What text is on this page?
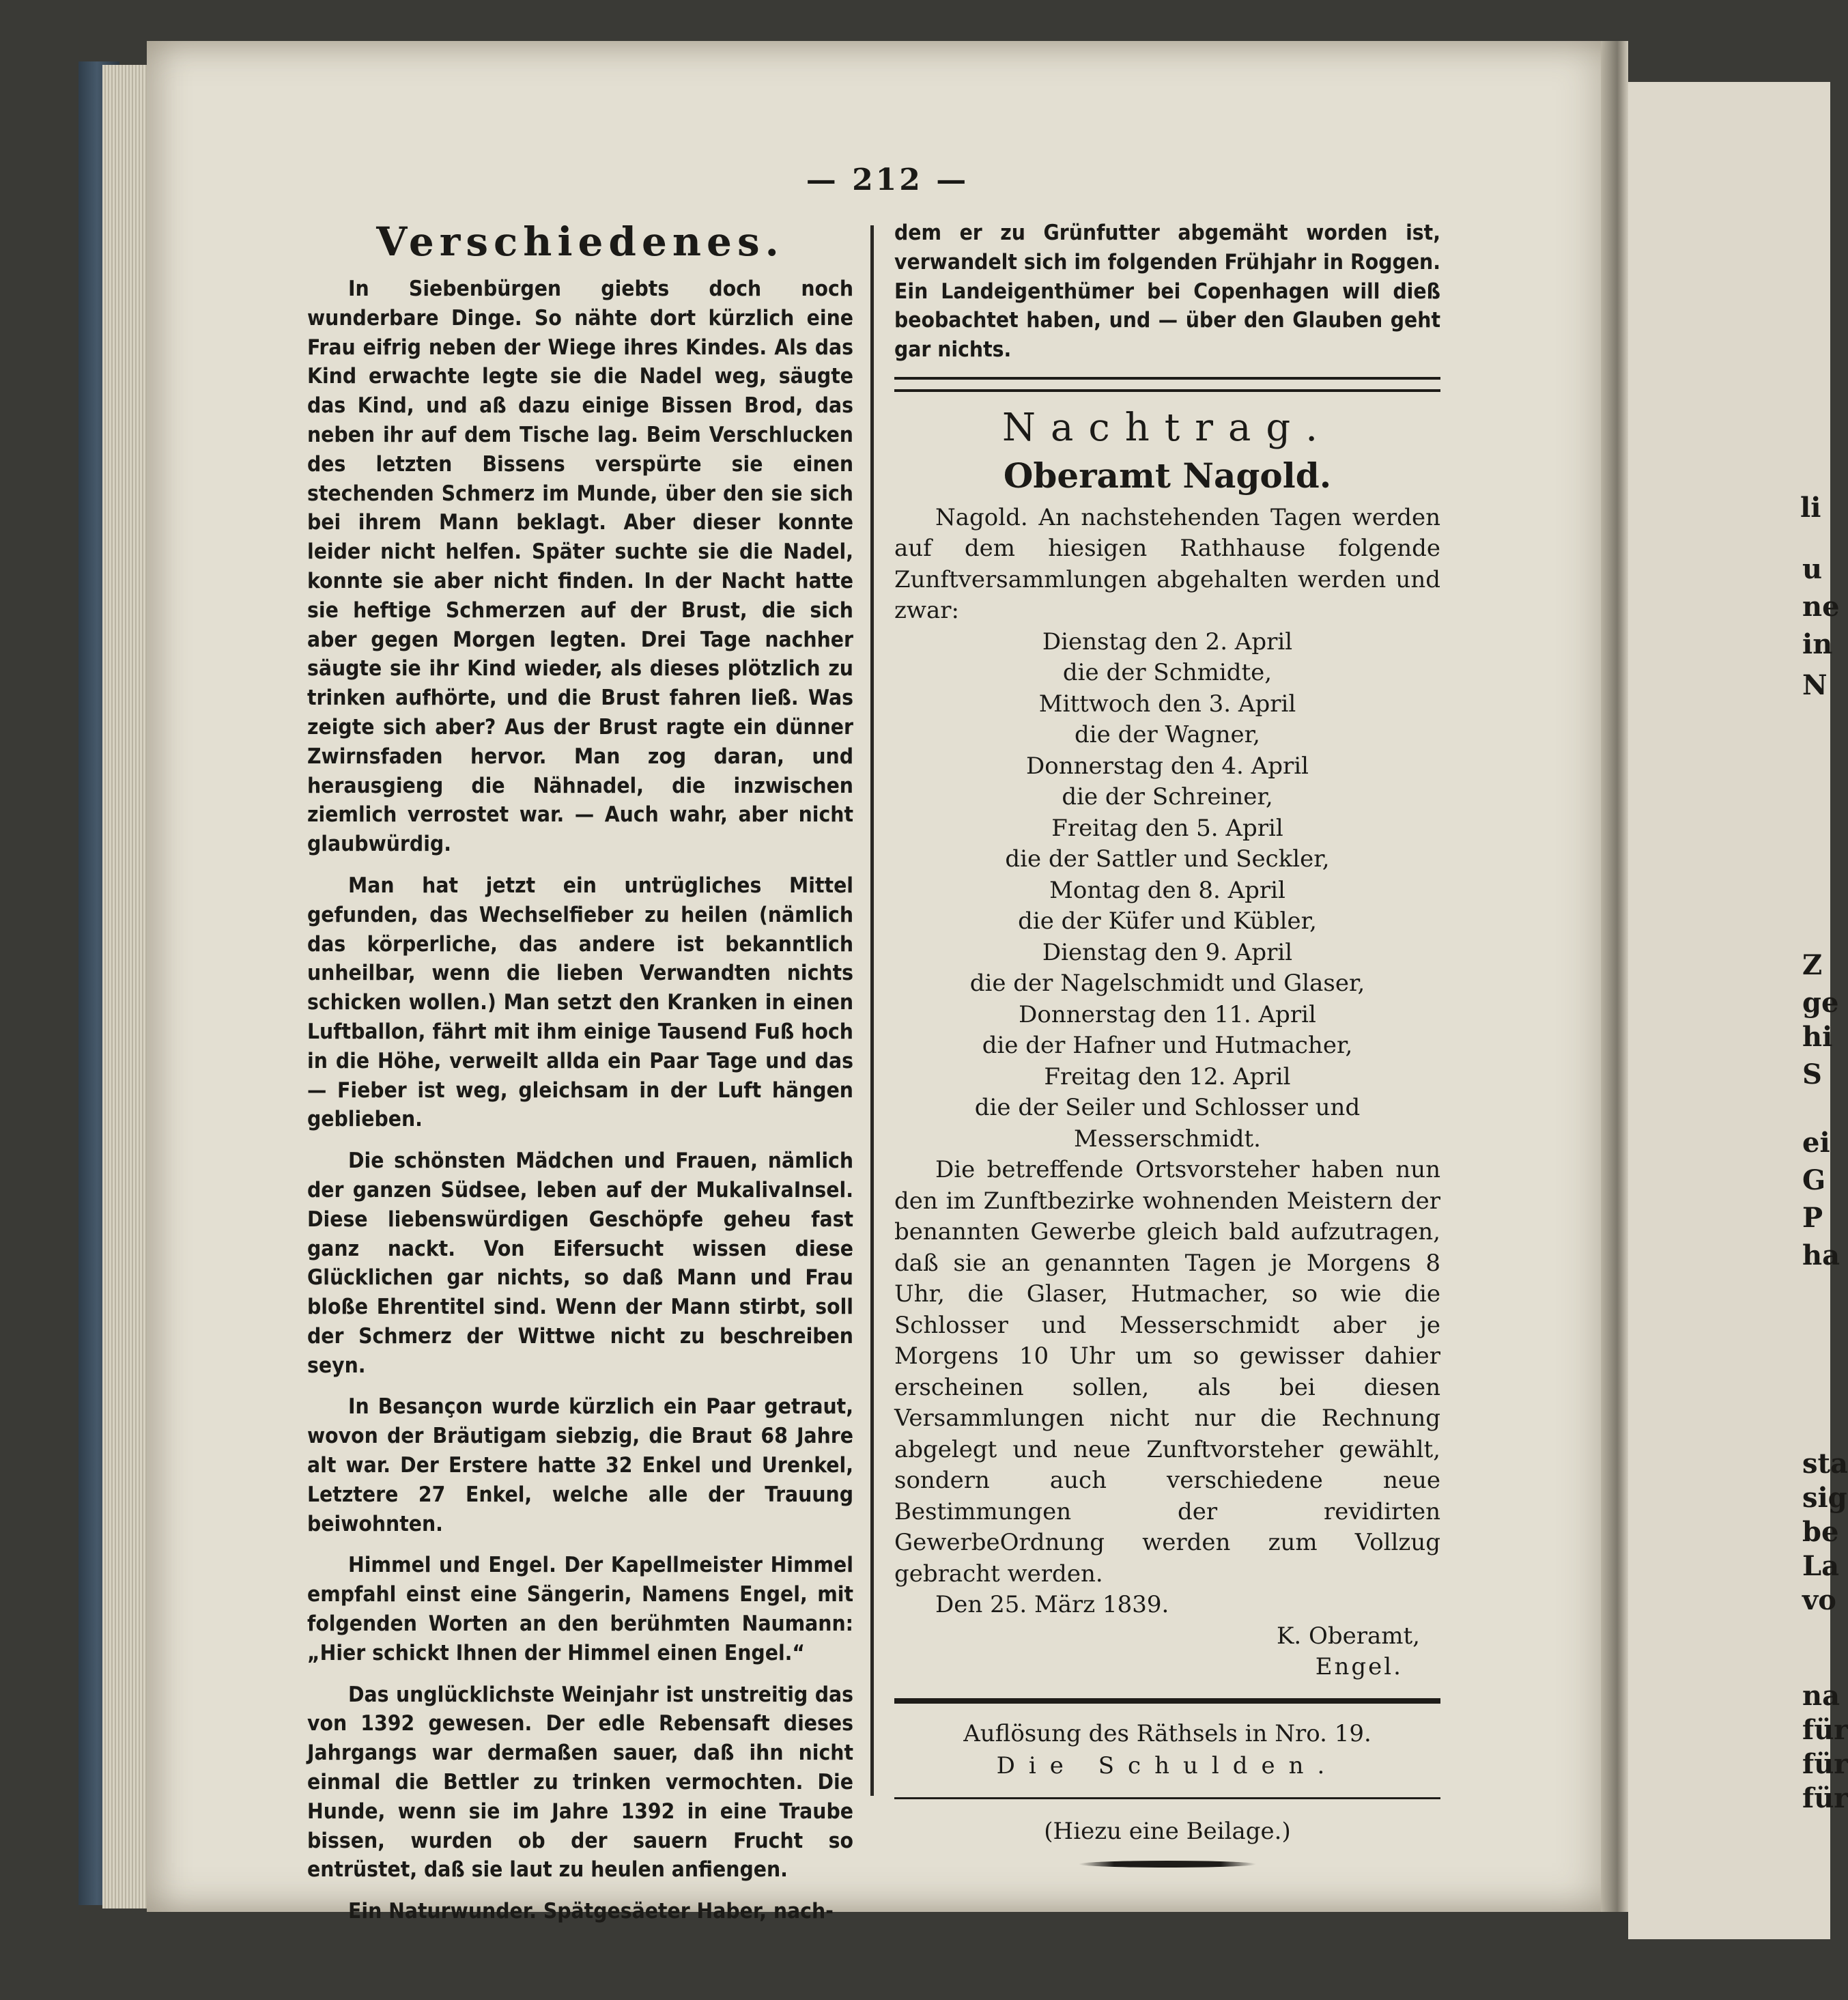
li
u
ne
in
N
Z
ge
hi
S
ei
G
P
ha
sta
sig
be
La
vo
na
für
für
für
— 212 —
Verschiedenes.

In Siebenbürgen giebts doch noch wunderbare Dinge. So nähte dort kürzlich eine Frau eifrig neben der Wiege ihres Kindes. Als das Kind erwachte legte sie die Nadel weg, säugte das Kind, und aß dazu einige Bissen Brod, das neben ihr auf dem Tische lag. Beim Verschlucken des letzten Bissens verspürte sie einen stechenden Schmerz im Munde, über den sie sich bei ihrem Mann beklagt. Aber dieser konnte leider nicht helfen. Später suchte sie die Nadel, konnte sie aber nicht finden. In der Nacht hatte sie heftige Schmerzen auf der Brust, die sich aber gegen Morgen legten. Drei Tage nachher säugte sie ihr Kind wieder, als dieses plötzlich zu trinken aufhörte, und die Brust fahren ließ. Was zeigte sich aber? Aus der Brust ragte ein dünner Zwirnsfaden hervor. Man zog daran, und herausgieng die Nähnadel, die inzwischen ziemlich verrostet war. — Auch wahr, aber nicht glaubwürdig.

Man hat jetzt ein untrügliches Mittel gefunden, das Wechselfieber zu heilen (nämlich das körperliche, das andere ist bekanntlich unheilbar, wenn die lieben Verwandten nichts schicken wollen.) Man setzt den Kranken in einen Luftballon, fährt mit ihm einige Tausend Fuß hoch in die Höhe, verweilt allda ein Paar Tage und das — Fieber ist weg, gleichsam in der Luft hängen geblieben.

Die schönsten Mädchen und Frauen, nämlich der ganzen Südsee, leben auf der MukalivaInsel. Diese liebenswürdigen Geschöpfe geheu fast ganz nackt. Von Eifersucht wissen diese Glücklichen gar nichts, so daß Mann und Frau bloße Ehrentitel sind. Wenn der Mann stirbt, soll der Schmerz der Wittwe nicht zu beschreiben seyn.

In Besançon wurde kürzlich ein Paar getraut, wovon der Bräutigam siebzig, die Braut 68 Jahre alt war. Der Erstere hatte 32 Enkel und Urenkel, Letztere 27 Enkel, welche alle der Trauung beiwohnten.

Himmel und Engel. Der Kapellmeister Himmel empfahl einst eine Sängerin, Namens Engel, mit folgenden Worten an den berühmten Naumann: „Hier schickt Ihnen der Himmel einen Engel.“

Das unglücklichste Weinjahr ist unstreitig das von 1392 gewesen. Der edle Rebensaft dieses Jahrgangs war dermaßen sauer, daß ihn nicht einmal die Bettler zu trinken vermochten. Die Hunde, wenn sie im Jahre 1392 in eine Traube bissen, wurden ob der sauern Frucht so entrüstet, daß sie laut zu heulen anfiengen.

Ein Naturwunder. Spätgesäeter Haber, nach-

dem er zu Grünfutter abgemäht worden ist, verwandelt sich im folgenden Frühjahr in Roggen. Ein Landeigenthümer bei Copenhagen will dieß beobachtet haben, und — über den Glauben geht gar nichts.

Nachtrag.
Oberamt Nagold.

Nagold. An nachstehenden Tagen werden auf dem hiesigen Rathhause folgende Zunftversammlungen abgehalten werden und zwar:

Dienstag den 2. April
die der Schmidte,
Mittwoch den 3. April
die der Wagner,
Donnerstag den 4. April
die der Schreiner,
Freitag den 5. April
die der Sattler und Seckler,
Montag den 8. April
die der Küfer und Kübler,
Dienstag den 9. April
die der Nagelschmidt und Glaser,
Donnerstag den 11. April
die der Hafner und Hutmacher,
Freitag den 12. April
die der Seiler und Schlosser und Messerschmidt.

Die betreffende Ortsvorsteher haben nun den im Zunftbezirke wohnenden Meistern der benannten Gewerbe gleich bald aufzutragen, daß sie an genannten Tagen je Morgens 8 Uhr, die Glaser, Hutmacher, so wie die Schlosser und Messerschmidt aber je Morgens 10 Uhr um so gewisser dahier erscheinen sollen, als bei diesen Versammlungen nicht nur die Rechnung abgelegt und neue Zunftvorsteher gewählt, sondern auch verschiedene neue Bestimmungen der revidirten GewerbeOrdnung werden zum Vollzug gebracht werden.

Den 25. März 1839.

K. Oberamt,
Engel.
Auflösung des Räthsels in Nro. 19.
Die Schulden.
(Hiezu eine Beilage.)
